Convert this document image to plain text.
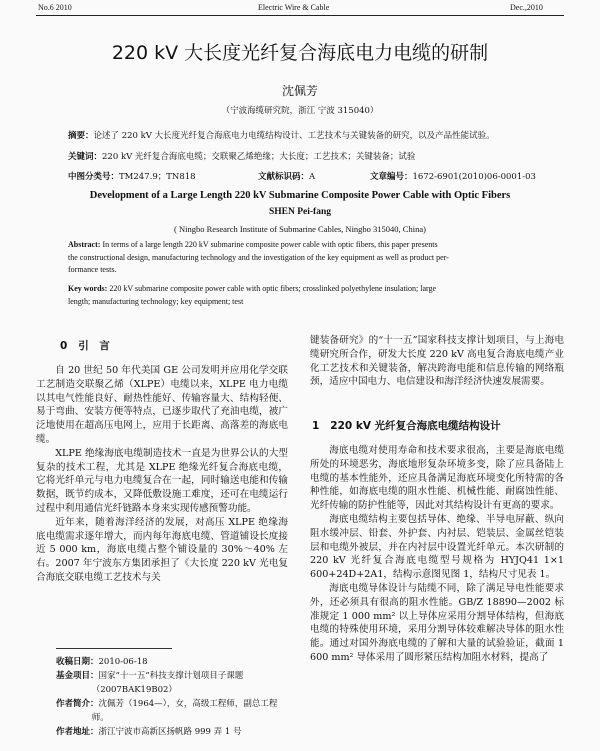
No.6 2010	Electric Wire & Cable	Dec.,2010
220 kV 大长度光纤复合海底电力电缆的研制
沈佩芳
（宁波海缆研究院，浙江 宁波 315040）
摘要：论述了 220 kV 大长度光纤复合海底电力电缆结构设计、工艺技术与关键装备的研究，以及产品性能试验。
关键词：220 kV 光纤复合海底电缆；交联聚乙烯绝缘；大长度；工艺技术；关键装备；试验
中图分类号：TM247.9；TN818	文献标识码：A	文章编号：1672-6901(2010)06-0001-03
Development of a Large Length 220 kV Submarine Composite Power Cable with Optic Fibers
SHEN Pei-fang
( Ningbo Research Institute of Submarine Cables, Ningbo 315040, China)
Abstract: In terms of a large length 220 kV submarine composite power cable with optic fibers, this paper presents
the constructional design, manufacturing technology and the investigation of the key equipment as well as product per-
formance tests.
Key words: 220 kV submarine composite power cable with optic fibers; crosslinked polyethylene insulation; large
length; manufacturing technology; key equipment; test
0 引　言

自 20 世纪 50 年代美国 GE 公司发明并应用化学交联工艺制造交联聚乙烯（XLPE）电缆以来，XLPE 电力电缆以其电气性能良好、耐热性能好、传输容量大、结构轻便、易于弯曲、安装方便等特点，已逐步取代了充油电缆，被广泛地使用在超高压电网上，应用于长距离、高落差的海底电缆。

XLPE 绝缘海底电缆制造技术一直是为世界公认的大型复杂的技术工程，尤其是 XLPE 绝缘光纤复合海底电缆，它将光纤单元与电力电缆复合在一起，同时输送电能和传输数据，既节约成本，又降低敷设施工难度，还可在电缆运行过程中利用通信光纤链路本身来实现传感预警功能。

近年来，随着海洋经济的发展，对高压 XLPE 绝缘海底电缆需求逐年增大，而内每年海底电缆、管道铺设长度接近 5 000 km，海底电缆占整个铺设量的 30%～40% 左右。2007 年宁波东方集团承担了《大长度 220 kV 光电复合海底交联电缆工艺技术与关

收稿日期：2010-06-18
基金项目：国家“十一五”科技支撑计划项目子课题
（2007BAK19B02）
作者简介：沈佩芳（1964—），女，高级工程师，副总工程
师。
作者地址：浙江宁波市高新区扬帆路 999 弄 1 号

键装备研究》的“十一五”国家科技支撑计划项目，与上海电缆研究所合作，研发大长度 220 kV 高电复合海底电缆产业化工艺技术和关键装备，解决跨海电能和信息传输的网络瓶颈，适应中国电力、电信建设和海洋经济快速发展需要。

1 220 kV 光纤复合海底电缆结构设计

海底电缆对使用寿命和技术要求很高，主要是海底电缆所处的环境恶劣，海底地形复杂环境多变，除了应具备陆上电缆的基本性能外，还应具备满足海底环境变化所特需的各种性能，如海底电缆的阻水性能、机械性能、耐腐蚀性能、光纤传输的防护性能等，因此对其结构设计有更高的要求。

海底电缆结构主要包括导体、绝缘、半导电屏蔽、纵向阻水缓冲层、铅套、外护套、内衬层、铠装层、金属丝铠装层和电缆外被层，并在内衬层中设置光纤单元。本次研制的 220 kV 光纤复合海底电缆型号规格为 HYJQ41 1×1 600+24D+2A1，结构示意图见图 1，结构尺寸见表 1。

海底电缆导体设计与陆缆不同，除了满足导电性能要求外，还必须具有很高的阻水性能。GB/Z 18890—2002 标准规定 1 000 mm² 以上导体应采用分割导体结构，但海底电缆的特殊使用环境，采用分割导体较难解决导体的阻水性能。通过对国外海底电缆的了解和大量的试验验证，截面 1 600 mm² 导体采用了圆形紧压结构加阻水材料，提高了
